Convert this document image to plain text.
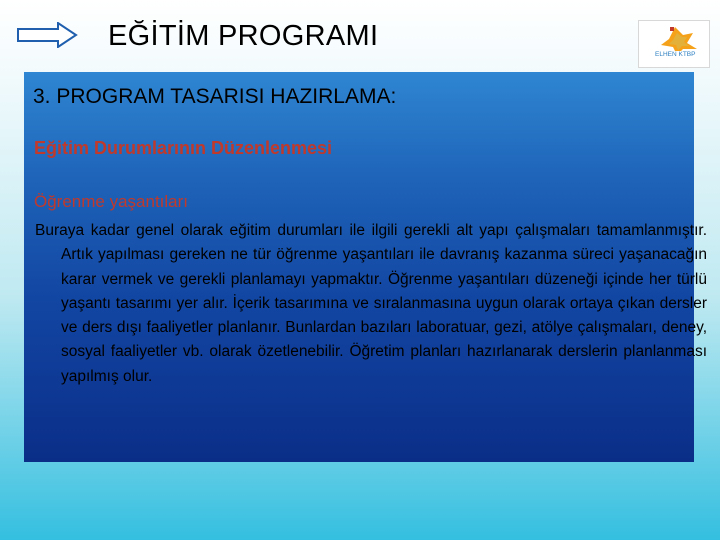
EĞİTİM PROGRAMI
ELHEN KTBP
3. PROGRAM TASARISI HAZIRLAMA:
Eğitim Durumlarının Düzenlenmesi
Öğrenme yaşantıları

Buraya kadar genel olarak eğitim durumları ile ilgili gerekli alt yapı çalışmaları tamamlanmıştır. Artık yapılması gereken ne tür öğrenme yaşantıları ile davranış kazanma süreci yaşanacağın karar vermek ve gerekli planlamayı yapmaktır. Öğrenme yaşantıları düzeneği içinde her türlü yaşantı tasarımı yer alır. İçerik tasarımına ve sıralanmasına uygun olarak ortaya çıkan dersler ve ders dışı faaliyetler planlanır. Bunlardan bazıları laboratuar, gezi, atölye çalışmaları, deney, sosyal faaliyetler vb. olarak özetlenebilir. Öğretim planları hazırlanarak derslerin planlanması yapılmış olur.
